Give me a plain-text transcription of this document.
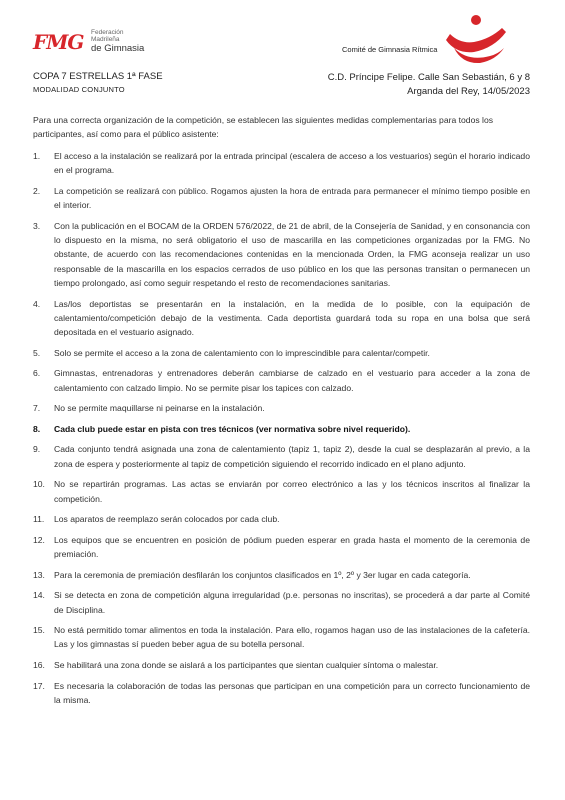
FMG Federación Madrileña
de Gimnasia	Comité de Gimnasia Rítmica
COPA 7 ESTRELLAS 1ª FASE
MODALIDAD CONJUNTO
C.D. Príncipe Felipe. Calle San Sebastián, 6 y 8
Arganda del Rey, 14/05/2023

Para una correcta organización de la competición, se establecen las siguientes medidas complementarias para todos los participantes, así como para el público asistente:

1. El acceso a la instalación se realizará por la entrada principal (escalera de acceso a los vestuarios) según el horario indicado en el programa.
2. La competición se realizará con público. Rogamos ajusten la hora de entrada para permanecer el mínimo tiempo posible en el interior.
3. Con la publicación en el BOCAM de la ORDEN 576/2022, de 21 de abril, de la Consejería de Sanidad, y en consonancia con lo dispuesto en la misma, no será obligatorio el uso de mascarilla en las competiciones organizadas por la FMG. No obstante, de acuerdo con las recomendaciones contenidas en la mencionada Orden, la FMG aconseja realizar un uso responsable de la mascarilla en los espacios cerrados de uso público en los que las personas transitan o permanecen un tiempo prolongado, así como seguir respetando el resto de recomendaciones sanitarias.
4. Las/los deportistas se presentarán en la instalación, en la medida de lo posible, con la equipación de calentamiento/competición debajo de la vestimenta. Cada deportista guardará toda su ropa en una bolsa que será depositada en el vestuario asignado.
5. Solo se permite el acceso a la zona de calentamiento con lo imprescindible para calentar/competir.
6. Gimnastas, entrenadoras y entrenadores deberán cambiarse de calzado en el vestuario para acceder a la zona de calentamiento con calzado limpio. No se permite pisar los tapices con calzado.
7. No se permite maquillarse ni peinarse en la instalación.
8. Cada club puede estar en pista con tres técnicos (ver normativa sobre nivel requerido).
9. Cada conjunto tendrá asignada una zona de calentamiento (tapiz 1, tapiz 2), desde la cual se desplazarán al previo, a la zona de espera y posteriormente al tapiz de competición siguiendo el recorrido indicado en el plano adjunto.
10. No se repartirán programas. Las actas se enviarán por correo electrónico a las y los técnicos inscritos al finalizar la competición.
11. Los aparatos de reemplazo serán colocados por cada club.
12. Los equipos que se encuentren en posición de pódium pueden esperar en grada hasta el momento de la ceremonia de premiación.
13. Para la ceremonia de premiación desfilarán los conjuntos clasificados en 1º, 2º y 3er lugar en cada categoría.
14. Si se detecta en zona de competición alguna irregularidad (p.e. personas no inscritas), se procederá a dar parte al Comité de Disciplina.
15. No está permitido tomar alimentos en toda la instalación. Para ello, rogamos hagan uso de las instalaciones de la cafetería. Las y los gimnastas sí pueden beber agua de su botella personal.
16. Se habilitará una zona donde se aislará a los participantes que sientan cualquier síntoma o malestar.
17. Es necesaria la colaboración de todas las personas que participan en una competición para un correcto funcionamiento de la misma.
